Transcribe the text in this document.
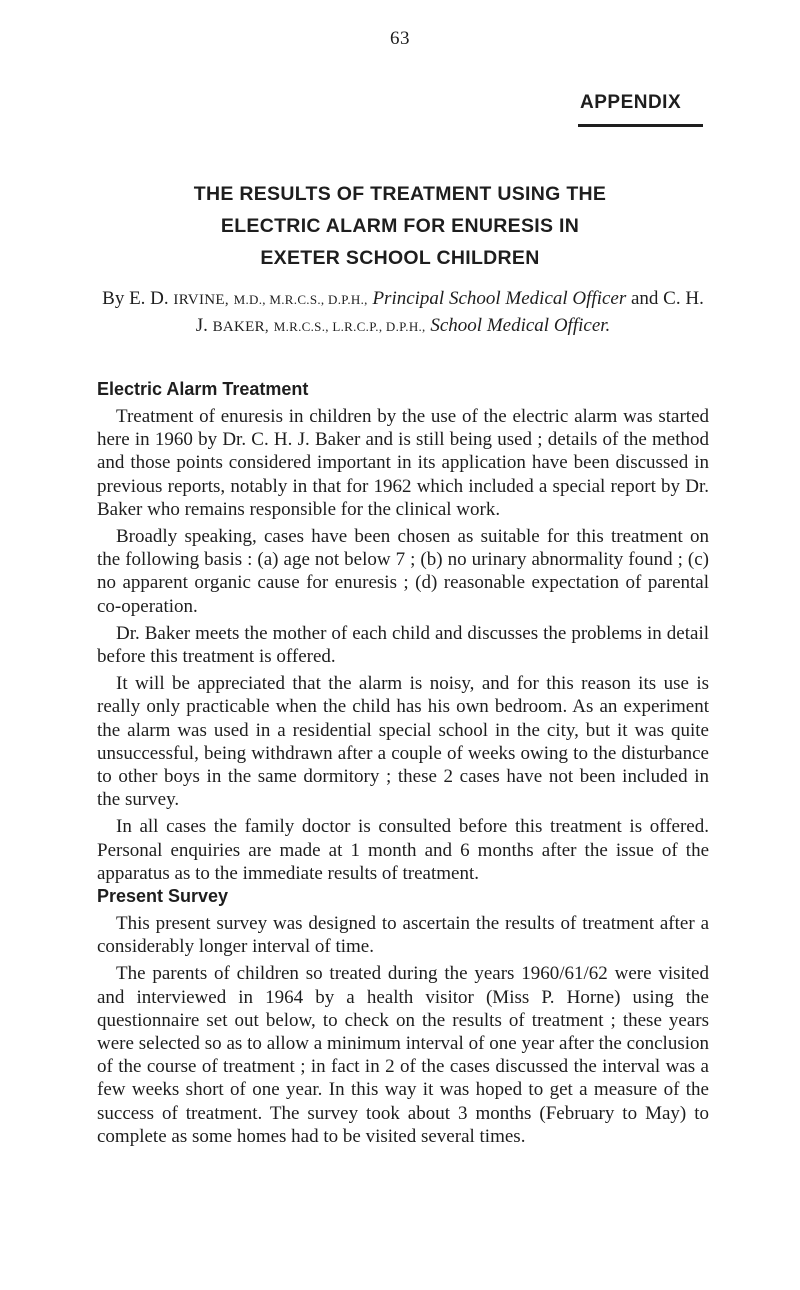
63
APPENDIX
THE RESULTS OF TREATMENT USING THE
ELECTRIC ALARM FOR ENURESIS IN
EXETER SCHOOL CHILDREN
By E. D. IRVINE, M.D., M.R.C.S., D.P.H., Principal School Medical Officer and C. H. J. BAKER, M.R.C.S., L.R.C.P., D.P.H., School Medical Officer.
Electric Alarm Treatment

Treatment of enuresis in children by the use of the electric alarm was started here in 1960 by Dr. C. H. J. Baker and is still being used ; details of the method and those points considered important in its application have been discussed in previous reports, notably in that for 1962 which included a special report by Dr. Baker who remains responsible for the clinical work.

Broadly speaking, cases have been chosen as suitable for this treatment on the following basis : (a) age not below 7 ; (b) no urinary abnormality found ; (c) no apparent organic cause for enuresis ; (d) reasonable expectation of parental co-operation.

Dr. Baker meets the mother of each child and discusses the problems in detail before this treatment is offered.

It will be appreciated that the alarm is noisy, and for this reason its use is really only practicable when the child has his own bedroom. As an experiment the alarm was used in a residential special school in the city, but it was quite unsuccessful, being withdrawn after a couple of weeks owing to the disturbance to other boys in the same dormitory ; these 2 cases have not been included in the survey.

In all cases the family doctor is consulted before this treatment is offered. Personal enquiries are made at 1 month and 6 months after the issue of the apparatus as to the immediate results of treatment.

Present Survey

This present survey was designed to ascertain the results of treatment after a considerably longer interval of time.

The parents of children so treated during the years 1960/61/62 were visited and interviewed in 1964 by a health visitor (Miss P. Horne) using the questionnaire set out below, to check on the results of treatment ; these years were selected so as to allow a minimum interval of one year after the conclusion of the course of treatment ; in fact in 2 of the cases discussed the interval was a few weeks short of one year. In this way it was hoped to get a measure of the success of treatment. The survey took about 3 months (February to May) to complete as some homes had to be visited several times.
